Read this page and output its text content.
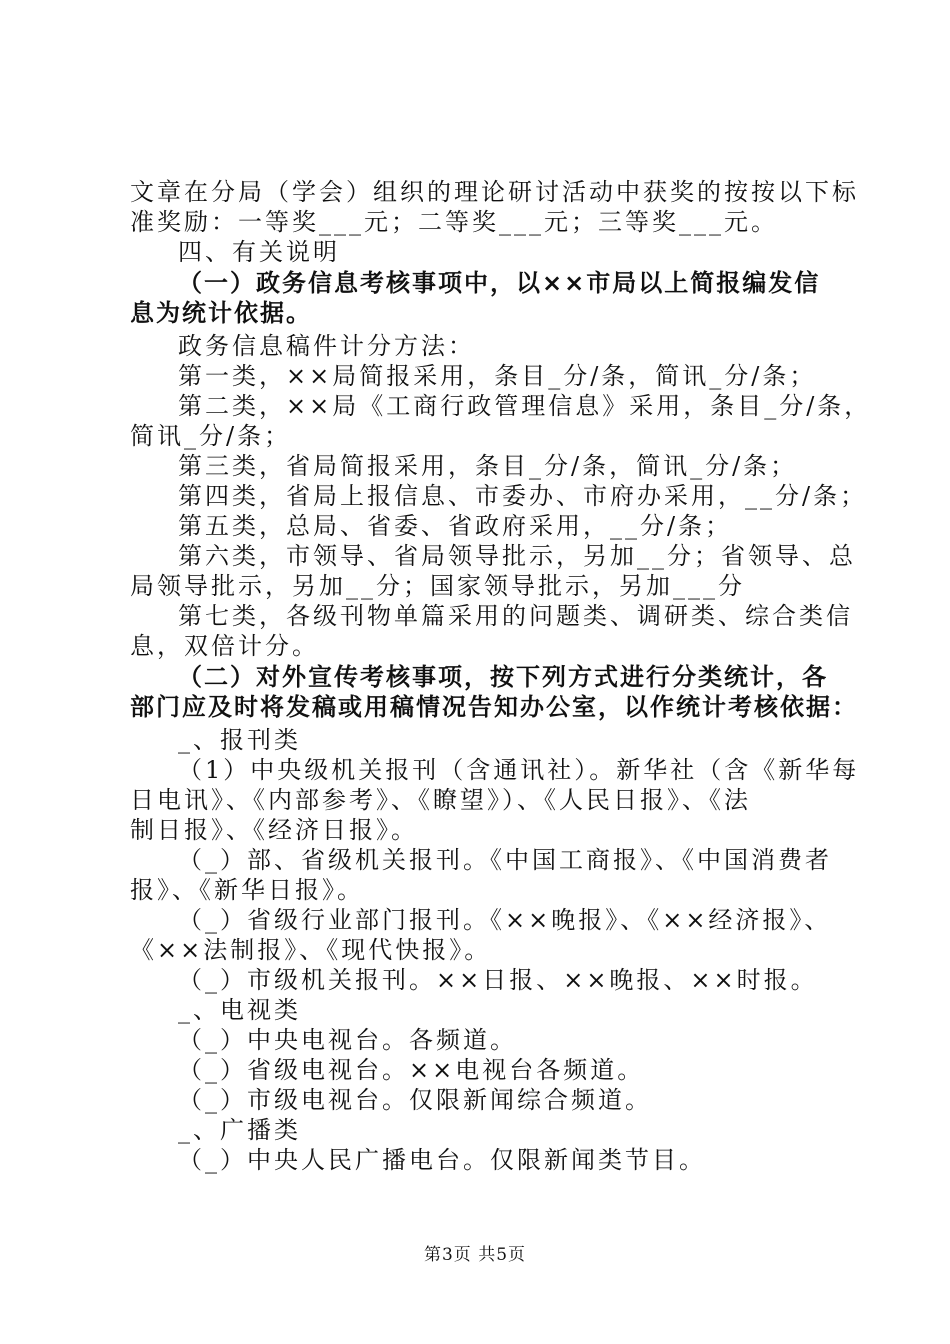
文章在分局（学会）组织的理论研讨活动中获奖的按按以下标
准奖励：一等奖___元；二等奖___元；三等奖___元。
四、有关说明
（一）政务信息考核事项中，以××市局以上简报编发信
息为统计依据。
政务信息稿件计分方法：
第一类，××局简报采用，条目_分/条，简讯_分/条；
第二类，××局《工商行政管理信息》采用，条目_分/条，
简讯_分/条；
第三类，省局简报采用，条目_分/条，简讯_分/条；
第四类，省局上报信息、市委办、市府办采用，__分/条；
第五类，总局、省委、省政府采用，__分/条；
第六类，市领导、省局领导批示，另加__分；省领导、总
局领导批示，另加__分；国家领导批示，另加___分
第七类，各级刊物单篇采用的问题类、调研类、综合类信
息，双倍计分。
（二）对外宣传考核事项，按下列方式进行分类统计，各
部门应及时将发稿或用稿情况告知办公室，以作统计考核依据：
_、报刊类
（1）中央级机关报刊（含通讯社）。新华社（含《新华每
日电讯》、《内部参考》、《瞭望》）、《人民日报》、《法
制日报》、《经济日报》。
（_）部、省级机关报刊。《中国工商报》、《中国消费者
报》、《新华日报》。
（_）省级行业部门报刊。《××晚报》、《××经济报》、
《××法制报》、《现代快报》。
（_）市级机关报刊。××日报、××晚报、××时报。
_、电视类
（_）中央电视台。各频道。
（_）省级电视台。××电视台各频道。
（_）市级电视台。仅限新闻综合频道。
_、广播类
（_）中央人民广播电台。仅限新闻类节目。
第3页 共5页
